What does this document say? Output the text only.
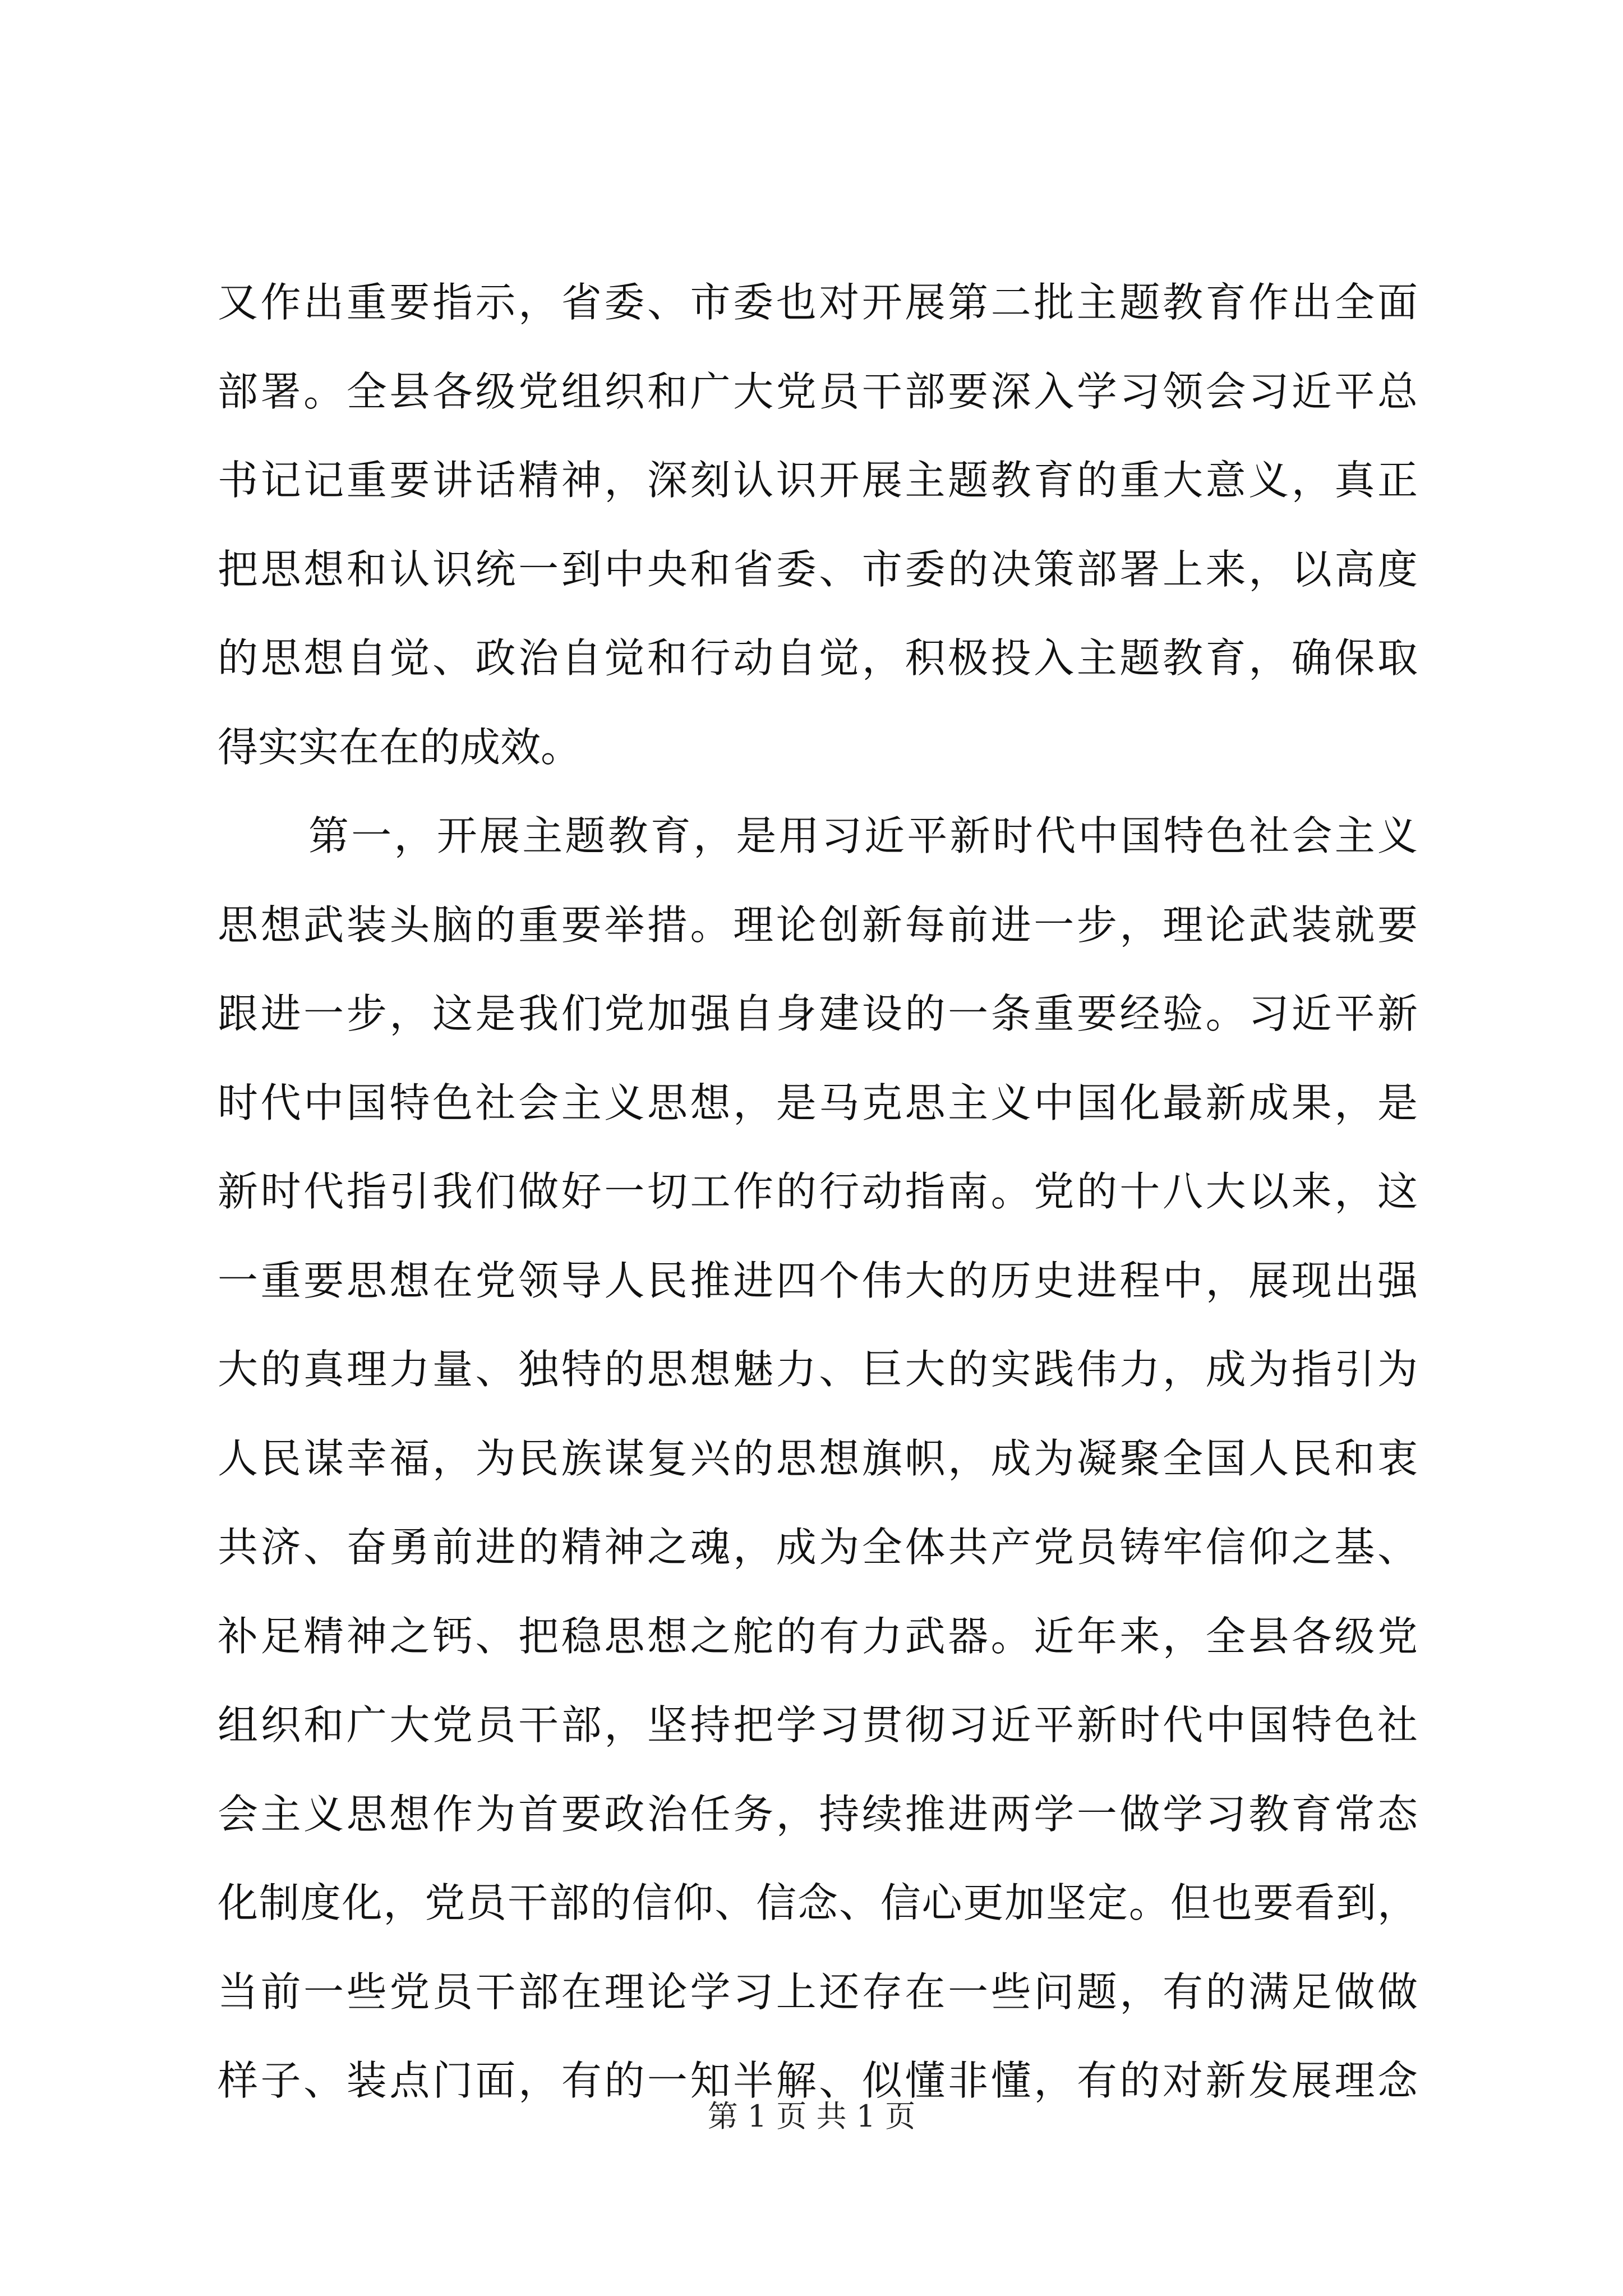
又作出重要指示，省委、市委也对开展第二批主题教育作出全面
部署。全县各级党组织和广大党员干部要深入学习领会习近平总
书记记重要讲话精神，深刻认识开展主题教育的重大意义，真正
把思想和认识统一到中央和省委、市委的决策部署上来，以高度
的思想自觉、政治自觉和行动自觉，积极投入主题教育，确保取
得实实在在的成效。
第一，开展主题教育，是用习近平新时代中国特色社会主义
思想武装头脑的重要举措。理论创新每前进一步，理论武装就要
跟进一步，这是我们党加强自身建设的一条重要经验。习近平新
时代中国特色社会主义思想，是马克思主义中国化最新成果，是
新时代指引我们做好一切工作的行动指南。党的十八大以来，这
一重要思想在党领导人民推进四个伟大的历史进程中，展现出强
大的真理力量、独特的思想魅力、巨大的实践伟力，成为指引为
人民谋幸福，为民族谋复兴的思想旗帜，成为凝聚全国人民和衷
共济、奋勇前进的精神之魂，成为全体共产党员铸牢信仰之基、
补足精神之钙、把稳思想之舵的有力武器。近年来，全县各级党
组织和广大党员干部，坚持把学习贯彻习近平新时代中国特色社
会主义思想作为首要政治任务，持续推进两学一做学习教育常态
化制度化，党员干部的信仰、信念、信心更加坚定。但也要看到，
当前一些党员干部在理论学习上还存在一些问题，有的满足做做
样子、装点门面，有的一知半解、似懂非懂，有的对新发展理念
第 1 页 共 1 页
